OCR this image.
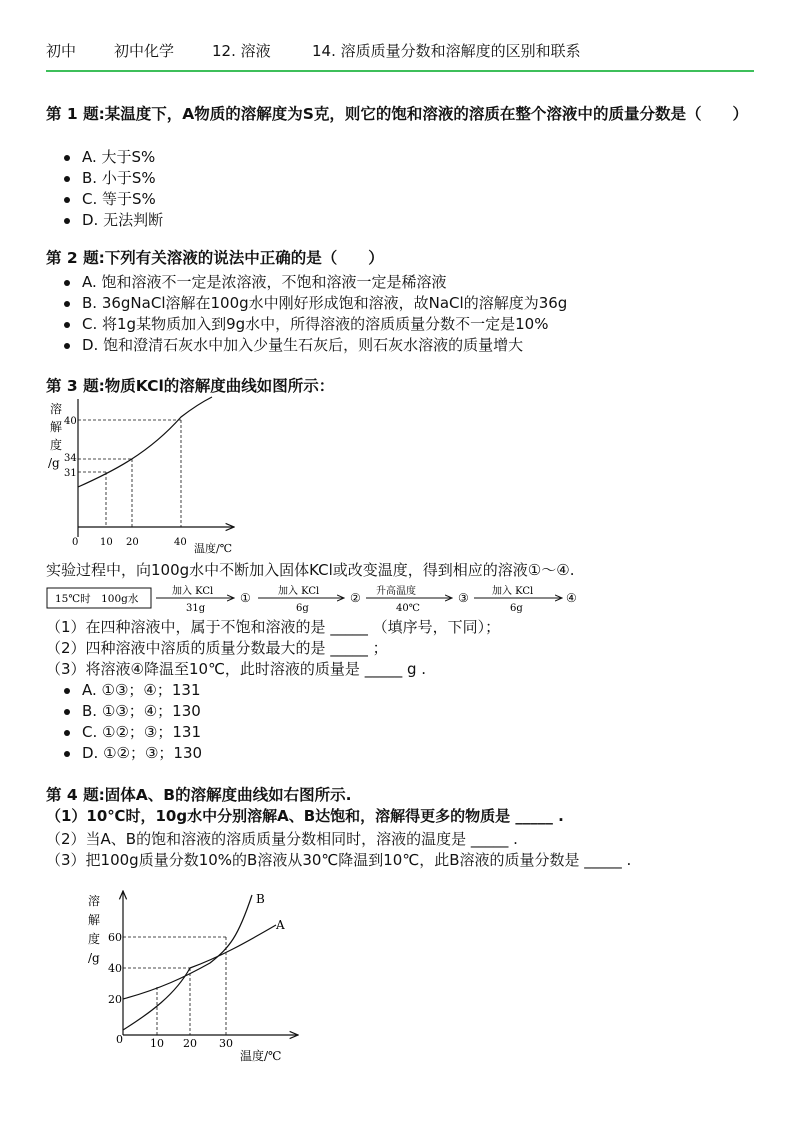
初中	初中化学	12. 溶液	14. 溶质质量分数和溶解度的区别和联系
第 1 题:某温度下，A物质的溶解度为S克，则它的饱和溶液的溶质在整个溶液中的质量分数是（　　）
A. 大于S%
B. 小于S%
C. 等于S%
D. 无法判断
第 2 题:下列有关溶液的说法中正确的是（　　）
A. 饱和溶液不一定是浓溶液，不饱和溶液一定是稀溶液
B. 36gNaCl溶解在100g水中刚好形成饱和溶液，故NaCl的溶解度为36g
C. 将1g某物质加入到9g水中，所得溶液的溶质质量分数不一定是10%
D. 饱和澄清石灰水中加入少量生石灰后，则石灰水溶液的质量增大
第 3 题:物质KCl的溶解度曲线如图所示：
溶
解
度
/g
40
34
31
0 10 20	40 温度/℃
实验过程中，向100g水中不断加入固体KCl或改变温度，得到相应的溶液①～④.
15℃时　100g水
加入 KCl
31g
①	加入 KCl
6g
② 升高温度
40℃
③ 加入 KCl
6g
④
（1）在四种溶液中，属于不饱和溶液的是 _____ （填序号，下同）；
（2）四种溶液中溶质的质量分数最大的是 _____ ；
（3）将溶液④降温至10℃，此时溶液的质量是 _____ g .
A. ①③；④；131
B. ①③；④；130
C. ①②；③；131
D. ①②；③；130
第 4 题:固体A、B的溶解度曲线如右图所示.
（1）10℃时，10g水中分别溶解A、B达饱和，溶解得更多的物质是 _____ .
（2）当A、B的饱和溶液的溶质质量分数相同时，溶液的温度是 _____ .
（3）把100g质量分数10%的B溶液从30℃降温到10℃，此B溶液的质量分数是 _____ .
B
A
溶
解
度
/g
60
40
20
0 10 20 30
温度/℃
